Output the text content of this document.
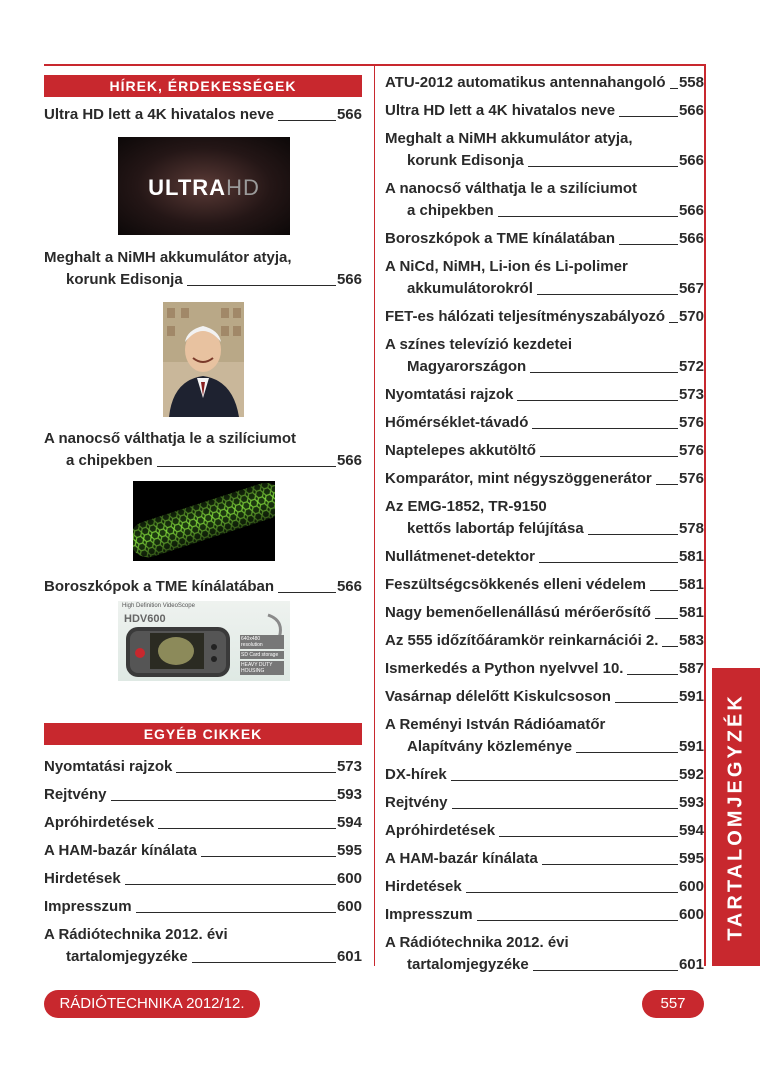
HÍREK, ÉRDEKESSÉGEK
Ultra HD lett a 4K hivatalos neve	566
ULTRAHD
Meghalt a NiMH akkumulátor atyja,
korunk Edisonja	566
A nanocső válthatja le a szilíciumot
a chipekben	566
Boroszkópok a TME kínálatában	566
High Definition VideoScope
HDV600
640x480 resolution
SD Card storage
HEAVY DUTY HOUSING
EGYÉB CIKKEK
Nyomtatási rajzok	573
Rejtvény	593
Apróhirdetések	594
A HAM-bazár kínálata	595
Hirdetések	600
Impresszum	600
A Rádiótechnika 2012. évi
tartalomjegyzéke	601
ATU-2012 automatikus antennahangoló 558
Ultra HD lett a 4K hivatalos neve	566
Meghalt a NiMH akkumulátor atyja,
korunk Edisonja	566
A nanocső válthatja le a szilíciumot
a chipekben	566
Boroszkópok a TME kínálatában	566
A NiCd, NiMH, Li-ion és Li-polimer
akkumulátorokról	567
FET-es hálózati teljesítményszabályozó 570
A színes televízió kezdetei
Magyarországon	572
Nyomtatási rajzok	573
Hőmérséklet-távadó	576
Naptelepes akkutöltő	576
Komparátor, mint négyszöggenerátor 576
Az EMG-1852, TR-9150
kettős labortáp felújítása	578
Nullátmenet-detektor	581
Feszültségcsökkenés elleni védelem 581
Nagy bemenőellenállású mérőerősítő 581
Az 555 időzítőáramkör reinkarnációi 2. 583
Ismerkedés a Python nyelvvel 10.	587
Vasárnap délelőtt Kiskulcsoson	591
A Reményi István Rádióamatőr
Alapítvány közleménye	591
DX-hírek	592
Rejtvény	593
Apróhirdetések	594
A HAM-bazár kínálata	595
Hirdetések	600
Impresszum	600
A Rádiótechnika 2012. évi
tartalomjegyzéke	601
TARTALOMJEGYZÉK
RÁDIÓTECHNIKA 2012/12.	557
